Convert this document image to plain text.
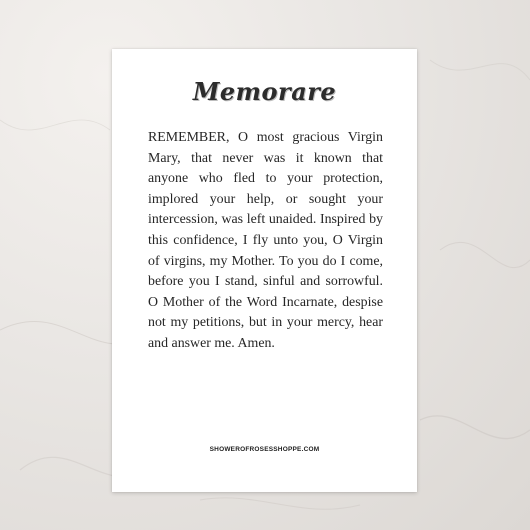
Memorare

REMEMBER, O most gracious Virgin Mary, that never was it known that anyone who fled to your protection, implored your help, or sought your intercession, was left unaided. Inspired by this confidence, I fly unto you, O Virgin of virgins, my Mother. To you do I come, before you I stand, sinful and sorrowful. O Mother of the Word Incarnate, despise not my petitions, but in your mercy, hear and answer me. Amen.

SHOWEROFROSESSHOPPE.COM
